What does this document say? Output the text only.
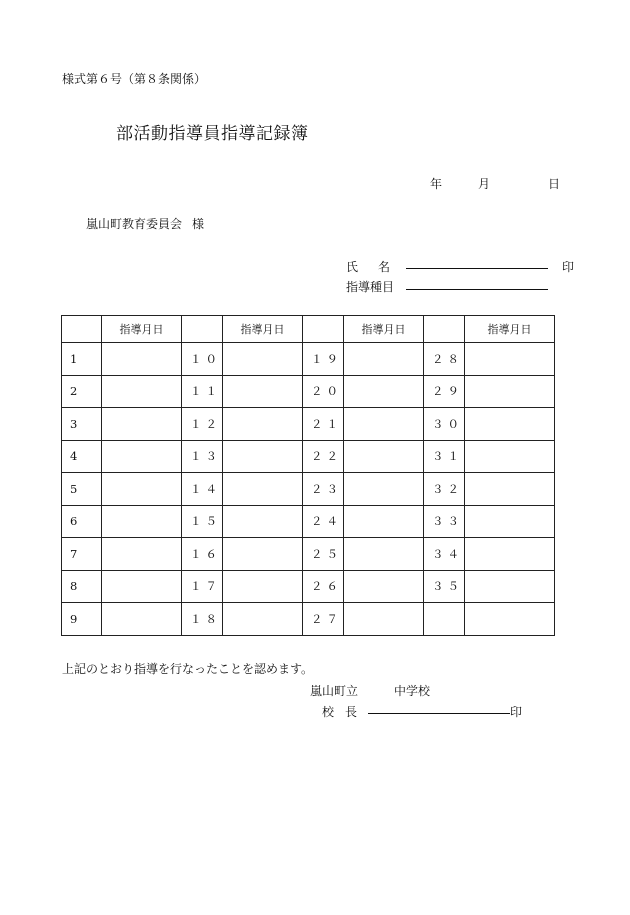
様式第６号（第８条関係）
部活動指導員指導記録簿
年	月	日
嵐山町教育委員会 様
氏 名	印
指導種目
	指導月日		指導月日		指導月日		指導月日
1		１０		１９		２８	
2		１１		２０		２９	
3		１２		２１		３０	
4		１３		２２		３１	
5		１４		２３		３２	
6		１５		２４		３３	
7		１６		２５		３４	
8		１７		２６		３５	
9		１８		２７			
上記のとおり指導を行なったことを認めます。
嵐山町立	中学校
校 長	印
